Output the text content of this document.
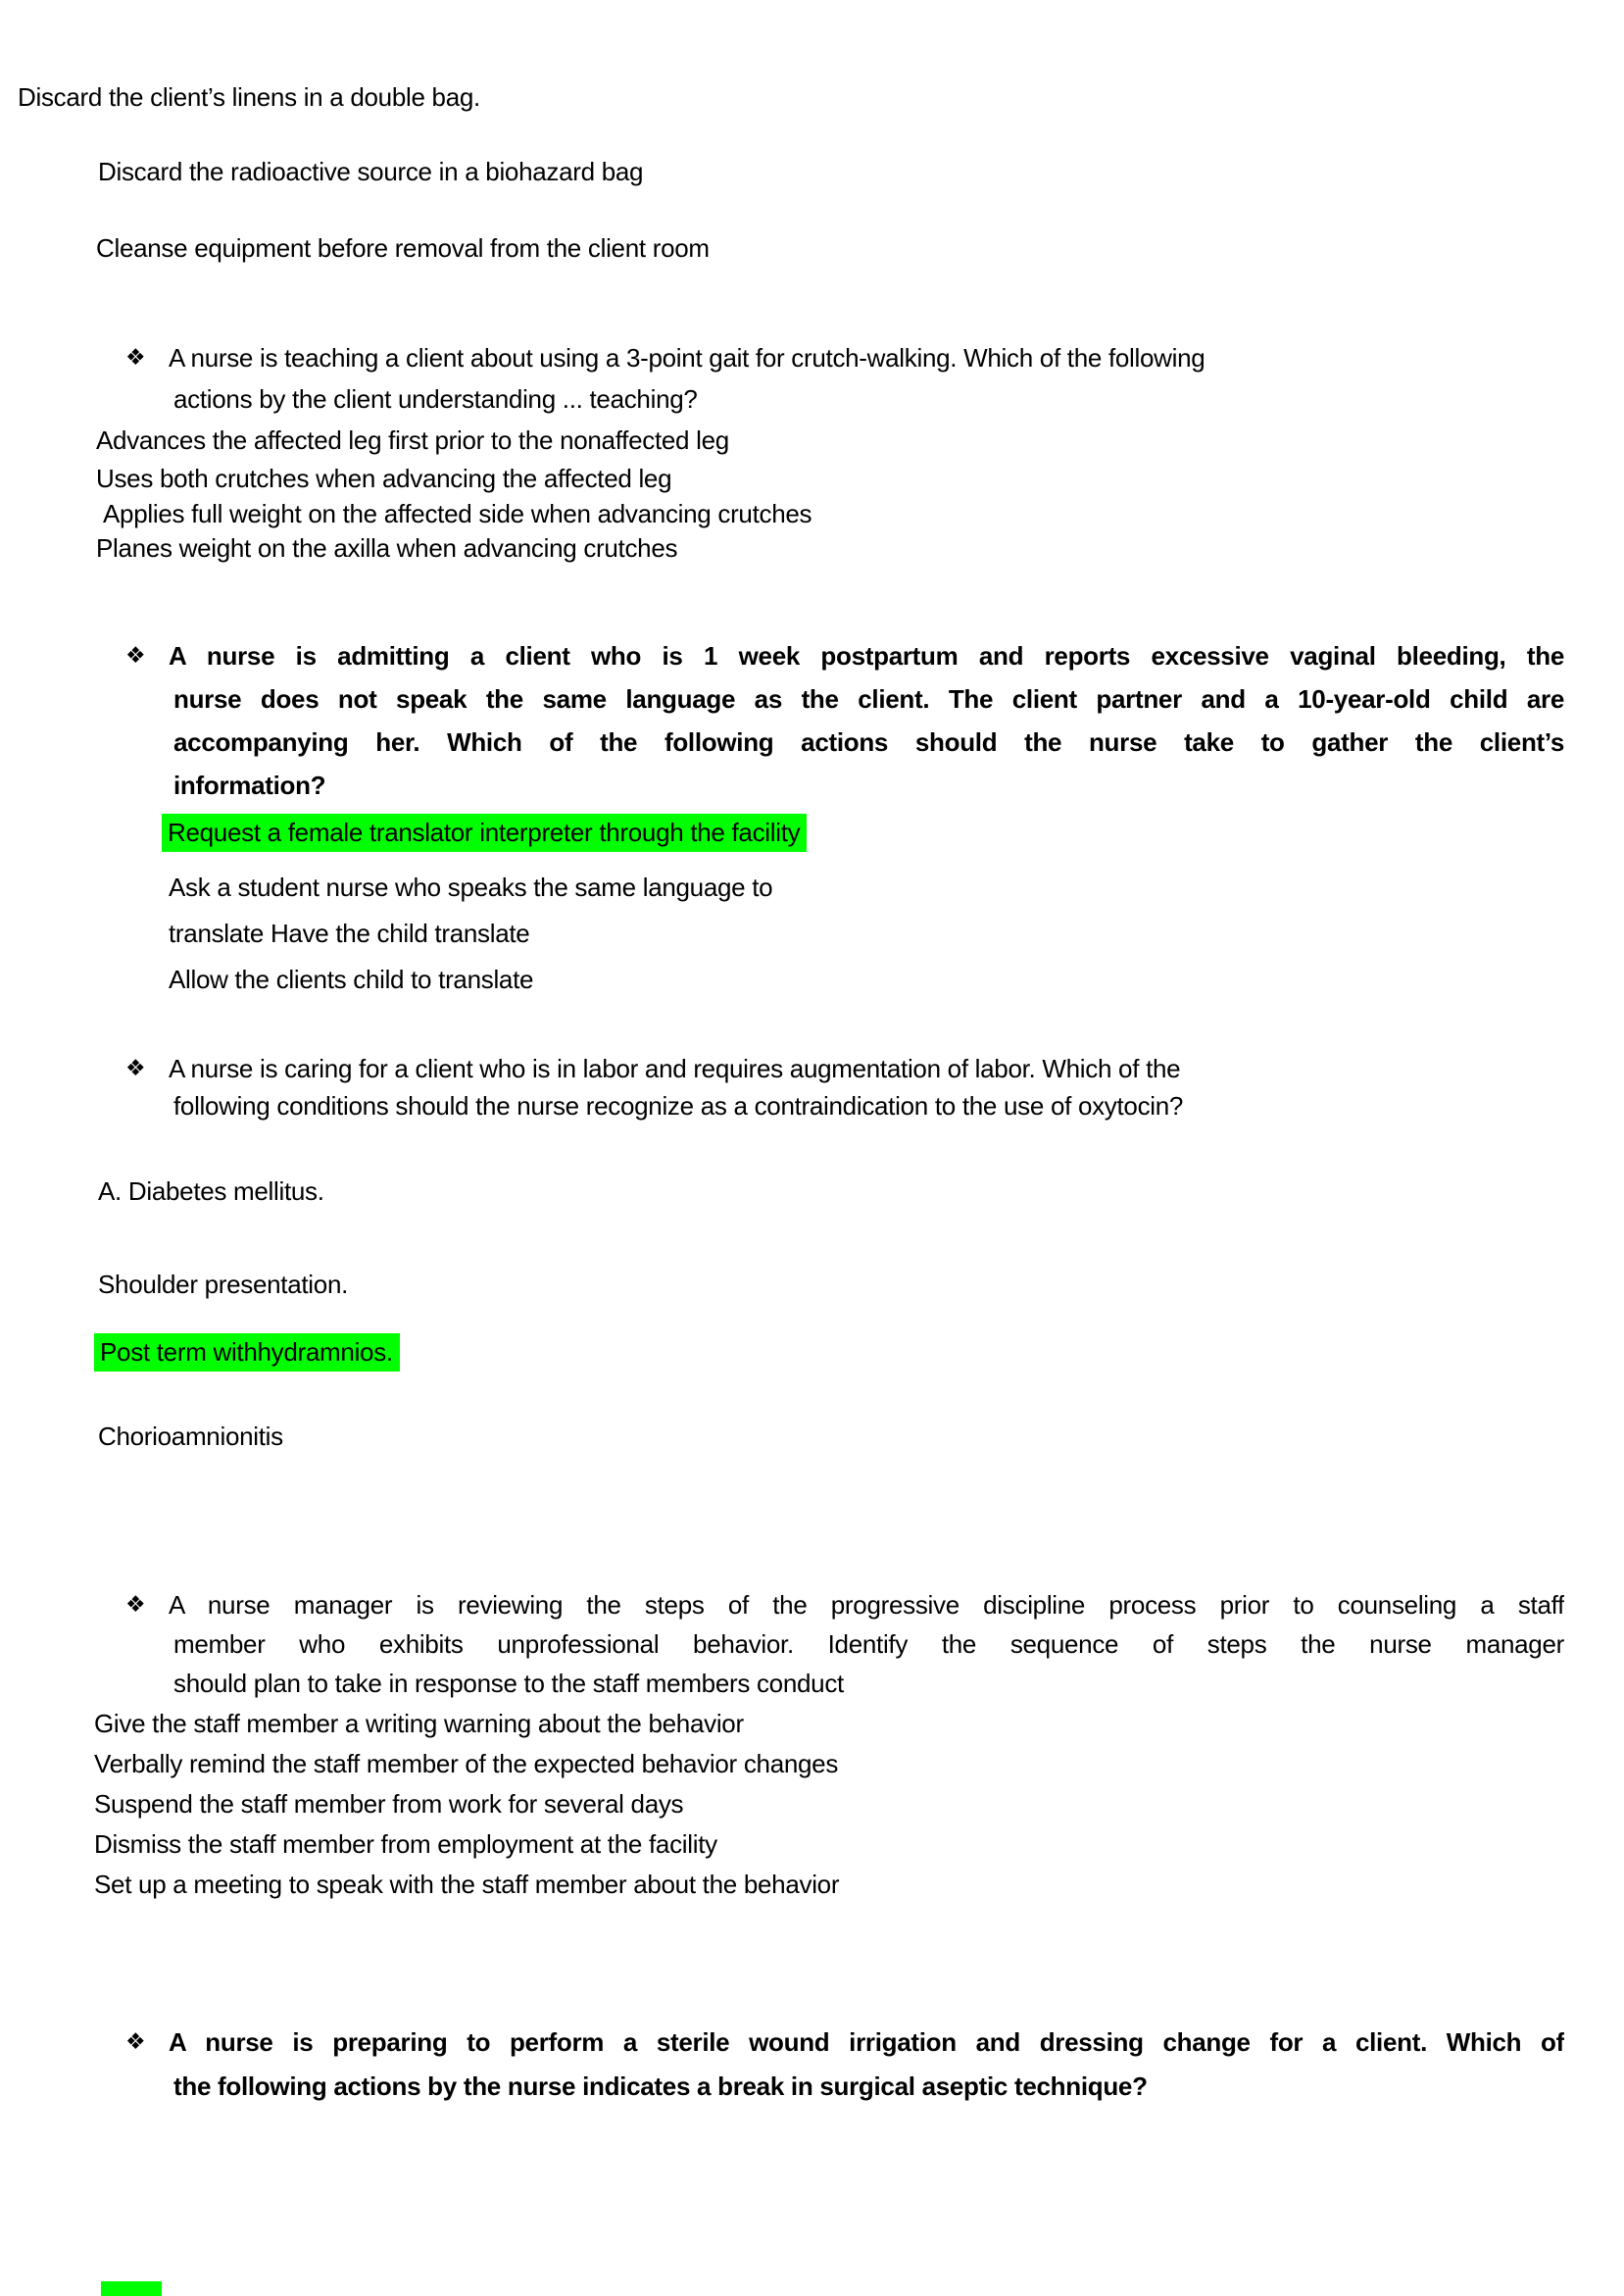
Discard the client’s linens in a double bag.
Discard the radioactive source in a biohazard bag
Cleanse equipment before removal from the client room
❖ A nurse is teaching a client about using a 3-point gait for crutch-walking. Which of the following
actions by the client understanding ... teaching?
Advances the affected leg first prior to the nonaffected leg
Uses both crutches when advancing the affected leg
Applies full weight on the affected side when advancing crutches
Planes weight on the axilla when advancing crutches
❖ A nurse is admitting a client who is 1 week postpartum and reports excessive vaginal bleeding, the
nurse does not speak the same language as the client. The client partner and a 10-year-old child are
accompanying her. Which of the following actions should the nurse take to gather the client’s
information?
Request a female translator interpreter through the facility
Ask a student nurse who speaks the same language to
translate Have the child translate
Allow the clients child to translate
❖ A nurse is caring for a client who is in labor and requires augmentation of labor. Which of the
following conditions should the nurse recognize as a contraindication to the use of oxytocin?
A. Diabetes mellitus.
Shoulder presentation.
Post term withhydramnios.
Chorioamnionitis
❖ A nurse manager is reviewing the steps of the progressive discipline process prior to counseling a staff
member who exhibits unprofessional behavior. Identify the sequence of steps the nurse manager
should plan to take in response to the staff members conduct
Give the staff member a writing warning about the behavior
Verbally remind the staff member of the expected behavior changes
Suspend the staff member from work for several days
Dismiss the staff member from employment at the facility
Set up a meeting to speak with the staff member about the behavior
❖ A nurse is preparing to perform a sterile wound irrigation and dressing change for a client. Which of
the following actions by the nurse indicates a break in surgical aseptic technique?
